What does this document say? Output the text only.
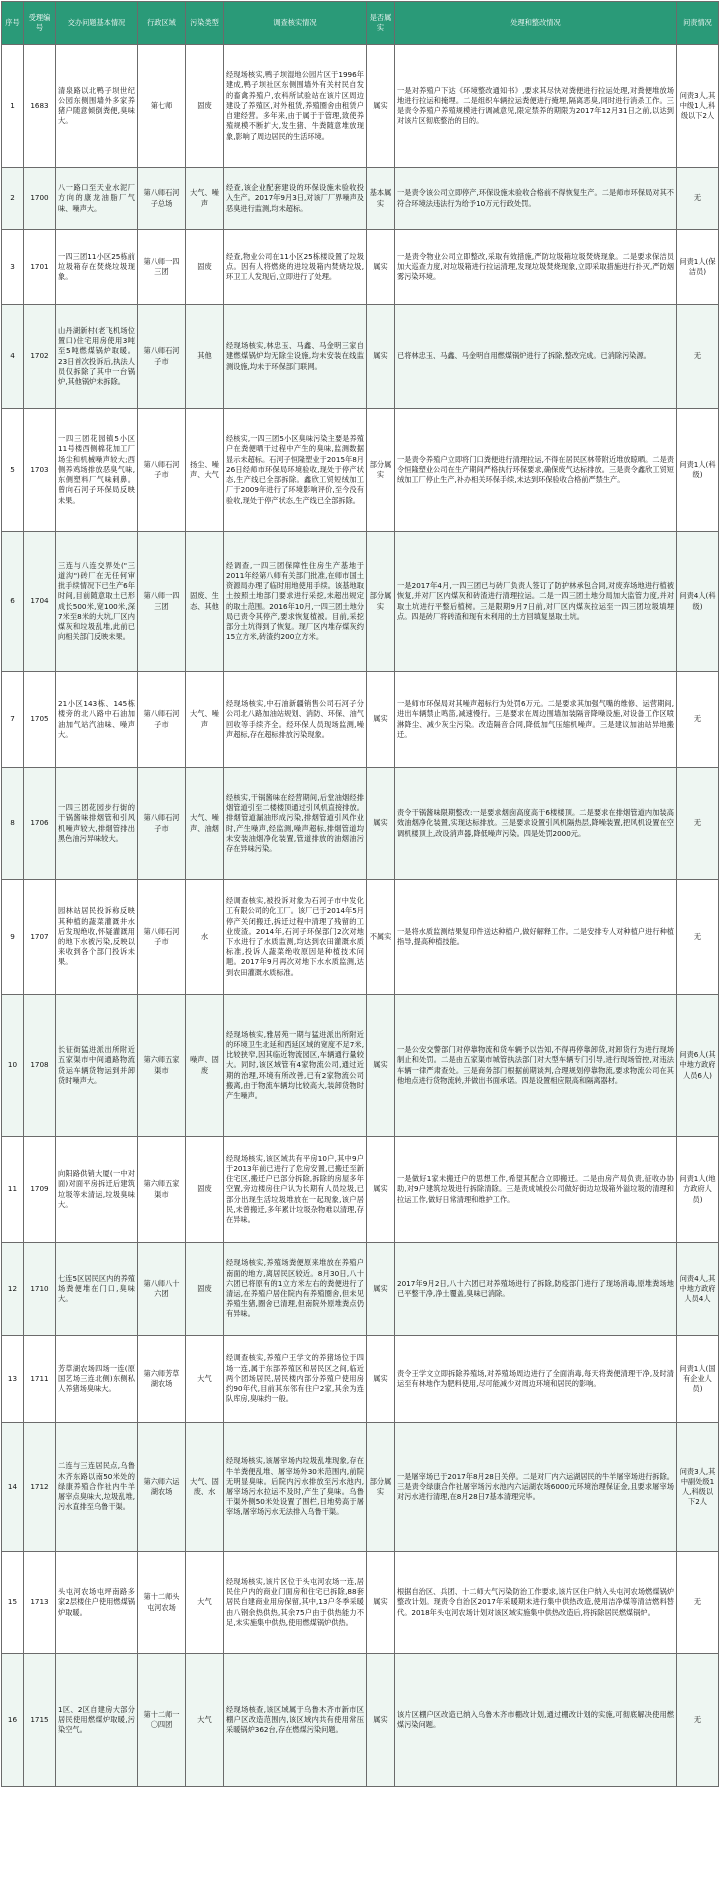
序号	受理编号	交办问题基本情况	行政区域	污染类型	调查核实情况	是否属实	处理和整改情况	问责情况
1	1683	清泉路以北鸭子坝世纪公园东侧围墙外多家养猪户随意倾倒粪便,臭味大。	第七师	固废	经现场核实,鸭子坝湿地公园片区于1996年建成,鸭子坝社区东侧围墙外有关村民自发的畜禽养殖户,农科所试验站在该片区周边建设了养殖区,对外租赁,养殖圈舍由租赁户自建经营。多年来,由于属于于管理,致使养殖规模不断扩大,发生猪、牛粪随意堆放现象,影响了周边居民的生活环境。	属实	一是对养殖户下达《环境整改通知书》,要求其尽快对粪便进行拉运处理,对粪便堆放场地进行拉运和掩埋。二是组织车辆拉运粪便进行掩埋,隔离恶臭,同时进行消杀工作。三是责令养殖户养殖规模进行调减意见,限定禁养的期限为2017年12月31日之前,以达到对该片区彻底整治的目的。	问责3人,其中级1人,科级以下2人
2	1700	八一路口至天业水泥厂方向的康龙油脂厂气味、噪声大。	第八师石河子总场	大气、噪声	经查,该企业配套建设的环保设施未验收投入生产。2017年9月3日,对该厂厂界噪声及恶臭进行监测,均未超标。	基本属实	一是责令该公司立即停产,环保设施未验收合格前不得恢复生产。二是师市环保局对其不符合环境法违法行为给予10万元行政处罚。	无
3	1701	一四三团11小区25栋前垃圾箱存在焚烧垃圾现象。	第八师一四三团	固废	经查,物业公司在11小区25栋楼设置了垃圾点。因有人将燃烧的进垃圾箱内焚烧垃圾,环卫工人发现后,立即进行了处理。	属实	一是责令物业公司立即整改,采取有效措施,严防垃圾箱垃圾焚烧现象。二是要求保洁员加大巡查力度,对垃圾箱进行拉运清理,发现垃圾焚烧现象,立即采取措施进行扑灭,严防烟雾污染环境。	问责1人(保洁员)
4	1702	山丹湖新村(老飞机场位置口)住宅用房使用3吨至5吨燃煤锅炉取暖。23日首次投诉后,执法人员仅拆除了其中一台锅炉,其他锅炉未拆除。	第八师石河子市	其他	经现场核实,林忠玉、马鑫、马金明三家自建燃煤锅炉均无除尘设施,均未安装在线监测设施,均未于环保部门联网。	属实	已将林忠玉、马鑫、马金明自用燃煤锅炉进行了拆除,整改完成。已消除污染源。	无
5	1703	一四三团花园镇5小区11号楼西侧棉花加工厂场尘和机械噪声较大;西侧养鸡场排放恶臭气味,东侧塑料厂气味刺鼻。曾向石河子环保局反映未果。	第八师石河子市	扬尘、噪声、大气	经核实,一四三团5小区臭味污染主要是养殖户在粪便晒干过程中产生的臭味,监测数据显示未超标。石河子恒隆塑业于2015年8月26日经师市环保局环境验收,现处于停产状态,生产线已全部拆除。鑫欣工贸短绒加工厂于2009年进行了环境影响评价,至今没有验收,现处于停产状态,生产线已全部拆除。	部分属实	一是责令养殖户立即将门口粪便进行清理拉运,不得在居民区林带附近堆放晾晒。二是责令恒隆塑业公司在生产期间严格执行环保要求,确保废气达标排放。三是责令鑫欣工贸短绒加工厂停止生产,补办相关环保手续,未达到环保验收合格前严禁生产。	问责1人(科级)
6	1704	三连与八连交界处("三道沟")砖厂在无任何审批手续情况下已生产6年时间,目前随意取土已形成长500米,宽100米,深7米至8米的大坑,厂区内煤灰和垃圾乱堆,此前已向相关部门反映未果。	第八师一四三团	固废、生态、其他	经调查,一四三团保障性住房生产基地于2011年经第八师有关部门批准,在师市国土资源局办理了临时用地使用手续。该基地取土按照土地部门要求进行采挖,未超出规定的取土范围。2016年10月,一四三团土地分局已责令其停产,要求恢复植被。目前,采挖部分土坑得到了恢复。现厂区内堆存煤灰约15立方米,砖渣约200立方米。	部分属实	一是2017年4月,一四三团已与砖厂负责人签订了防护林承包合同,对废弃场地进行植被恢复,并对厂区内煤灰和砖渣进行清理拉运。二是一四三团土地分局加大监管力度,并对取土坑进行平整后植树。三是限期9月7日前,对厂区内煤灰拉运至一四三团垃圾填埋点。四是砖厂将砖渣和现有未利用的土方回填复垦取土坑。	问责4人(科级)
7	1705	21小区143栋、145栋楼旁的北八路中石油加油加气站汽油味、噪声大。	第八师石河子市	大气、噪声	经现场核实,中石油新疆销售公司石河子分公司北八路加油站规划、消防、环保、油气回收等手续齐全。经环保人员现场监测,噪声超标,存在超标排放污染现象。	属实	一是师市环保局对其噪声超标行为处罚6万元。二是要求其加强气嘴的维修、运营期间,进出车辆禁止鸣笛,减速慢行。三是要求在周边围墙加装隔音降噪设施,对设备工作区喷淋降尘、减少灰尘污染。改造隔音合同,降低加气压缩机噪声。三是建议加油站异地搬迁。	无
8	1706	一四三团花园步行街的干锅酱味排烟管和引风机噪声较大,排烟管排出黑色油污异味较大。	第八师石河子市	大气、噪声、油烟	经核实,干锅酱味在经营期间,后堂油烟经排烟管道引至二楼楼顶通过引风机直接排放。排烟管道漏油形成污染,排烟管道引风作业时,产生噪声,经监测,噪声超标,排烟管道均未安装油烟净化装置,管道排放的油烟油污存在异味污染。	属实	责令干锅酱味限期整改:一是要求烟囱高度高于6楼楼顶。二是要求在排烟管道内加装高效油烟净化装置,实现达标排放。三是要求设置引风机隔热层,降噪装置,把风机设置在空调机楼顶上,改设消声器,降低噪声污染。四是处罚2000元。	无
9	1707	园林站居民投诉称反映其种植的蔬菜灌溉井水后发现绝收,怀疑灌溉用的地下水被污染,反映以来收到各个部门投诉未果。	第八师石河子市	水	经调查核实,被投诉对象为石河子市中发化工有限公司的化工厂。该厂已于2014年5月停产关闭搬迁,拆迁过程中清理了残留的工业废渣。2014年,石河子环保部门2次对地下水进行了水质监测,均达到农田灌溉水质标准,投诉人蔬菜绝收原因是种植技术问题。2017年9月再次对地下水水质监测,达到农田灌溉水质标准。	不属实	一是将水质监测结果复印件送达种植户,做好解释工作。二是安排专人对种植户进行种植指导,提高种植技能。	无
10	1708	长征街猛进派出所附近五家渠市中间通路物流货运车辆货物运到并卸货时噪声大。	第六师五家渠市	噪声、固废	经现场核实,雅居苑一期与猛进派出所附近的环境卫生北延和西延区域的宽度不足7米,比较狭窄,因其临近物流园区,车辆通行量较大。同时,该区域管有4家物流公司,通过近期的治理,环境有所改善,已有2家物流公司搬离,由于物流车辆均比较高大,装卸货物时产生噪声。	属实	一是公安交警部门对停靠物流和货车辆予以告知,不得再停靠卸货,对卸货行为进行现场制止和处罚。二是由五家渠市城管执法部门对大型车辆专门引导,进行现场管控,对违法车辆一律严肃查处。三是商务部门根据前期谈判,合理规划停靠物流,要求物流公司在其他地点进行货物流转,并做出书面承诺。四是设置相应限高和隔离器材。	问责6人(其中地方政府人员6人)
11	1709	向阳路供销大厦(一中对面)对面平房拆迁后建筑垃圾等未清运,垃圾臭味大。	第六师五家渠市	固废	经现场核实,该区域共有平房10户,其中9户于2013年前已进行了危房安置,已搬迁至新住宅区,搬迁户已部分拆除,拆除的房屋多年空置,旁边楼房住户认为长期有人员垃圾,已部分出现生活垃圾堆放在一起现象,该户居民,未曾搬迁,多年累计垃圾杂物难以清理,存在异味。	属实	一是做好1家未搬迁户的思想工作,希望其配合立即搬迁。二是由房产局负责,征收办协助,对9户建筑垃圾进行拆除清除。三是责成城投公司做好街边垃圾箱外溢垃圾的清理和拉运工作,做好日常清理和维护工作。	问责1人(地方政府人员)
12	1710	七连5区居民区内的养殖场粪便堆在门口,臭味大。	第八师八十六团	固废	经现场核实,养殖场粪便原来堆放在养殖户南面的地方,离居民区较近。8月30日,八十六团已将原有的1立方米左右的粪便进行了清运,在养殖户居住院内有养殖圈舍,但未见养殖生猪,圈舍已清理,但南院外原堆粪点仍有异味。	属实	2017年9月2日,八十六团已对养殖场进行了拆除,防疫部门进行了现场消毒,原堆粪场地已平整干净,净土覆盖,臭味已消除。	问责4人,其中地方政府人员4人
13	1711	芳草湖农场四场一连(原国艺场三连北侧)东侧私人养猪场臭味大。	第六师芳草湖农场	大气	经调查核实,养殖户王学文的养猪场位于四场一连,属于东部养殖区和居民区之间,临近两个团场居民,居民楼内部分养殖户使用房约90年代,目前其东邻有住户2家,其余为连队库房,臭味约一般。	属实	责令王学文立即拆除养殖场,对养殖场周边进行了全面消毒,每天将粪便清理干净,及时清运至有林地作为肥料使用,尽可能减少对周边环境和居民的影响。	问责1人(国有企业人员)
14	1712	二连与三连居民点,乌鲁木齐东路以南50米处的绿康养殖合作社内牛羊屠宰点臭味大,垃圾乱堆,污水直排至乌鲁干渠。	第六师六运湖农场	大气、固废、水	经现场核实,该屠宰场内垃圾乱堆现象,存在牛羊粪便乱堆、屠宰场外30米范围内,前院无明显臭味。后院内污水排放至污水池内,屠宰场污水拉运不及时,产生了臭味。乌鲁干渠外侧50米处设置了围栏,日地势高于屠宰场,屠宰场污水无法排入乌鲁干渠。	部分属实	一是屠宰场已于2017年8月28日关停。二是对厂内六运湖居民的牛羊屠宰场进行拆除。三是责令绿康合作社屠宰场污水池内六运湖农场6000元环境治理保证金,且要求屠宰场对污水进行清理,在8月28日7基本清理完毕。	问责3人,其中副处级1人,科级以下2人
15	1713	头屯河农场屯坪南路多家2层楼住户使用燃煤锅炉取暖。	第十二师头屯河农场	大气	经现场核实,该片区位于头屯河农场一连,居民住户内的商业门面房和住宅已拆除,88套居民自建商业用房保留,其中,13户冬季采暖由八钢余热供热,其余75户由于供热能力不足,未实施集中供热,使用燃煤锅炉供热。	属实	根据自治区、兵团、十二师大气污染防治工作要求,该片区住户纳入头屯河农场燃煤锅炉整改计划。现责令自治区2017年采暖期未进行集中供热改造,使用洁净煤等清洁燃料替代。2018年头屯河农场计划对该区域实施集中供热改造后,将拆除居民燃煤锅炉。	无
16	1715	1区、2区自建房大部分居民使用燃煤炉取暖,污染空气。	第十二师一〇四团	大气	经现场核查,该区域属于乌鲁木齐市新市区棚户区改造范围内,该区域内共有使用常压采暖锅炉362台,存在燃煤污染问题。	属实	该片区棚户区改造已纳入乌鲁木齐市棚改计划,通过棚改计划的实施,可彻底解决使用燃煤污染问题。	无
